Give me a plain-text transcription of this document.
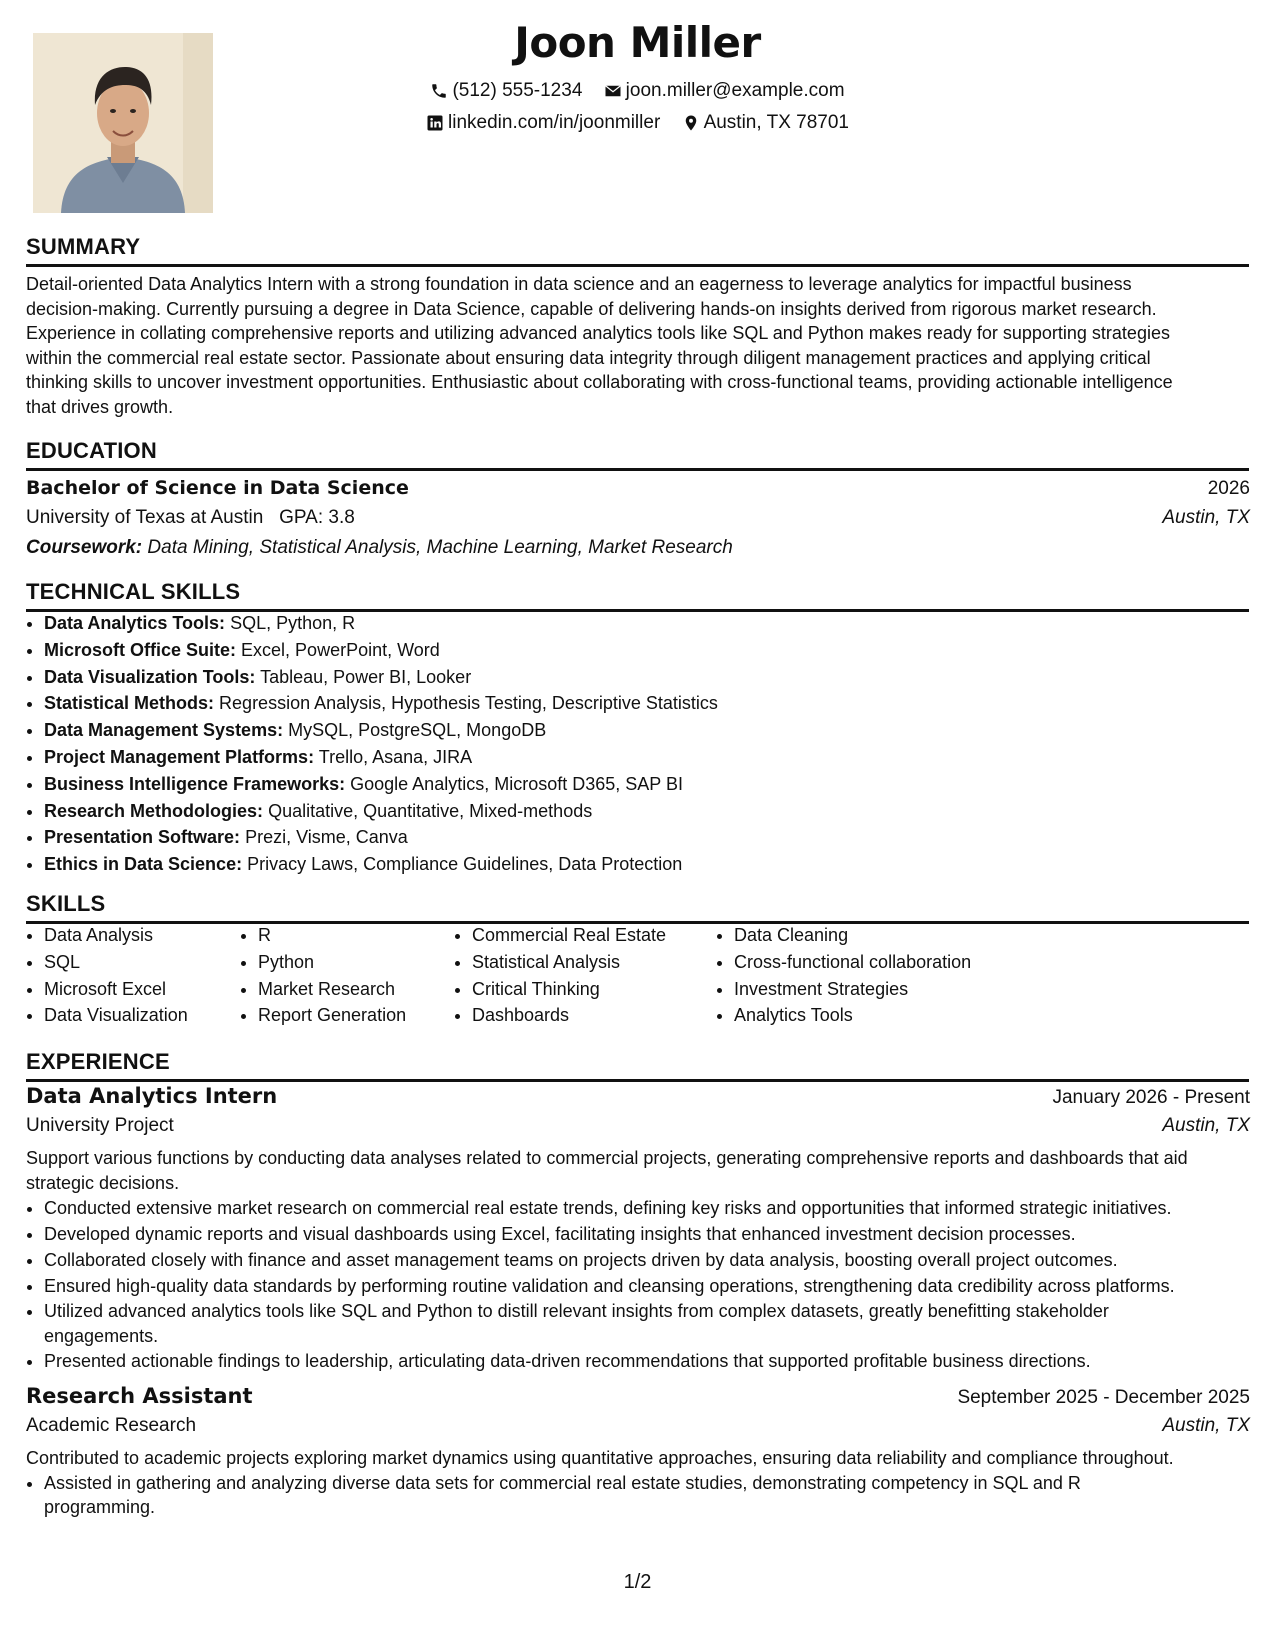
Joon Miller
(512) 555-1234
joon.miller@example.com
linkedin.com/in/joonmiller
Austin, TX 78701
SUMMARY
Detail-oriented Data Analytics Intern with a strong foundation in data science and an eagerness to leverage analytics for impactful business
decision-making. Currently pursuing a degree in Data Science, capable of delivering hands-on insights derived from rigorous market research.
Experience in collating comprehensive reports and utilizing advanced analytics tools like SQL and Python makes ready for supporting strategies
within the commercial real estate sector. Passionate about ensuring data integrity through diligent management practices and applying critical
thinking skills to uncover investment opportunities. Enthusiastic about collaborating with cross-functional teams, providing actionable intelligence
that drives growth.
EDUCATION
Bachelor of Science in Data Science	2026
University of Texas at Austin GPA: 3.8	Austin, TX
Coursework: Data Mining, Statistical Analysis, Machine Learning, Market Research
TECHNICAL SKILLS
• Data Analytics Tools: SQL, Python, R
• Microsoft Office Suite: Excel, PowerPoint, Word
• Data Visualization Tools: Tableau, Power BI, Looker
• Statistical Methods: Regression Analysis, Hypothesis Testing, Descriptive Statistics
• Data Management Systems: MySQL, PostgreSQL, MongoDB
• Project Management Platforms: Trello, Asana, JIRA
• Business Intelligence Frameworks: Google Analytics, Microsoft D365, SAP BI
• Research Methodologies: Qualitative, Quantitative, Mixed-methods
• Presentation Software: Prezi, Visme, Canva
• Ethics in Data Science: Privacy Laws, Compliance Guidelines, Data Protection
SKILLS
• Data Analysis
• SQL
• Microsoft Excel
• Data Visualization
• R
• Python
• Market Research
• Report Generation
• Commercial Real Estate
• Statistical Analysis
• Critical Thinking
• Dashboards
• Data Cleaning
• Cross-functional collaboration
• Investment Strategies
• Analytics Tools
EXPERIENCE
Data Analytics Intern	January 2026 - Present
University Project	Austin, TX
Support various functions by conducting data analyses related to commercial projects, generating comprehensive reports and dashboards that aid
strategic decisions.
• Conducted extensive market research on commercial real estate trends, defining key risks and opportunities that informed strategic initiatives.
• Developed dynamic reports and visual dashboards using Excel, facilitating insights that enhanced investment decision processes.
• Collaborated closely with finance and asset management teams on projects driven by data analysis, boosting overall project outcomes.
• Ensured high-quality data standards by performing routine validation and cleansing operations, strengthening data credibility across platforms.
• Utilized advanced analytics tools like SQL and Python to distill relevant insights from complex datasets, greatly benefitting stakeholder
engagements.
• Presented actionable findings to leadership, articulating data-driven recommendations that supported profitable business directions.
Research Assistant	September 2025 - December 2025
Academic Research	Austin, TX
Contributed to academic projects exploring market dynamics using quantitative approaches, ensuring data reliability and compliance throughout.
• Assisted in gathering and analyzing diverse data sets for commercial real estate studies, demonstrating competency in SQL and R
programming.
1/2
